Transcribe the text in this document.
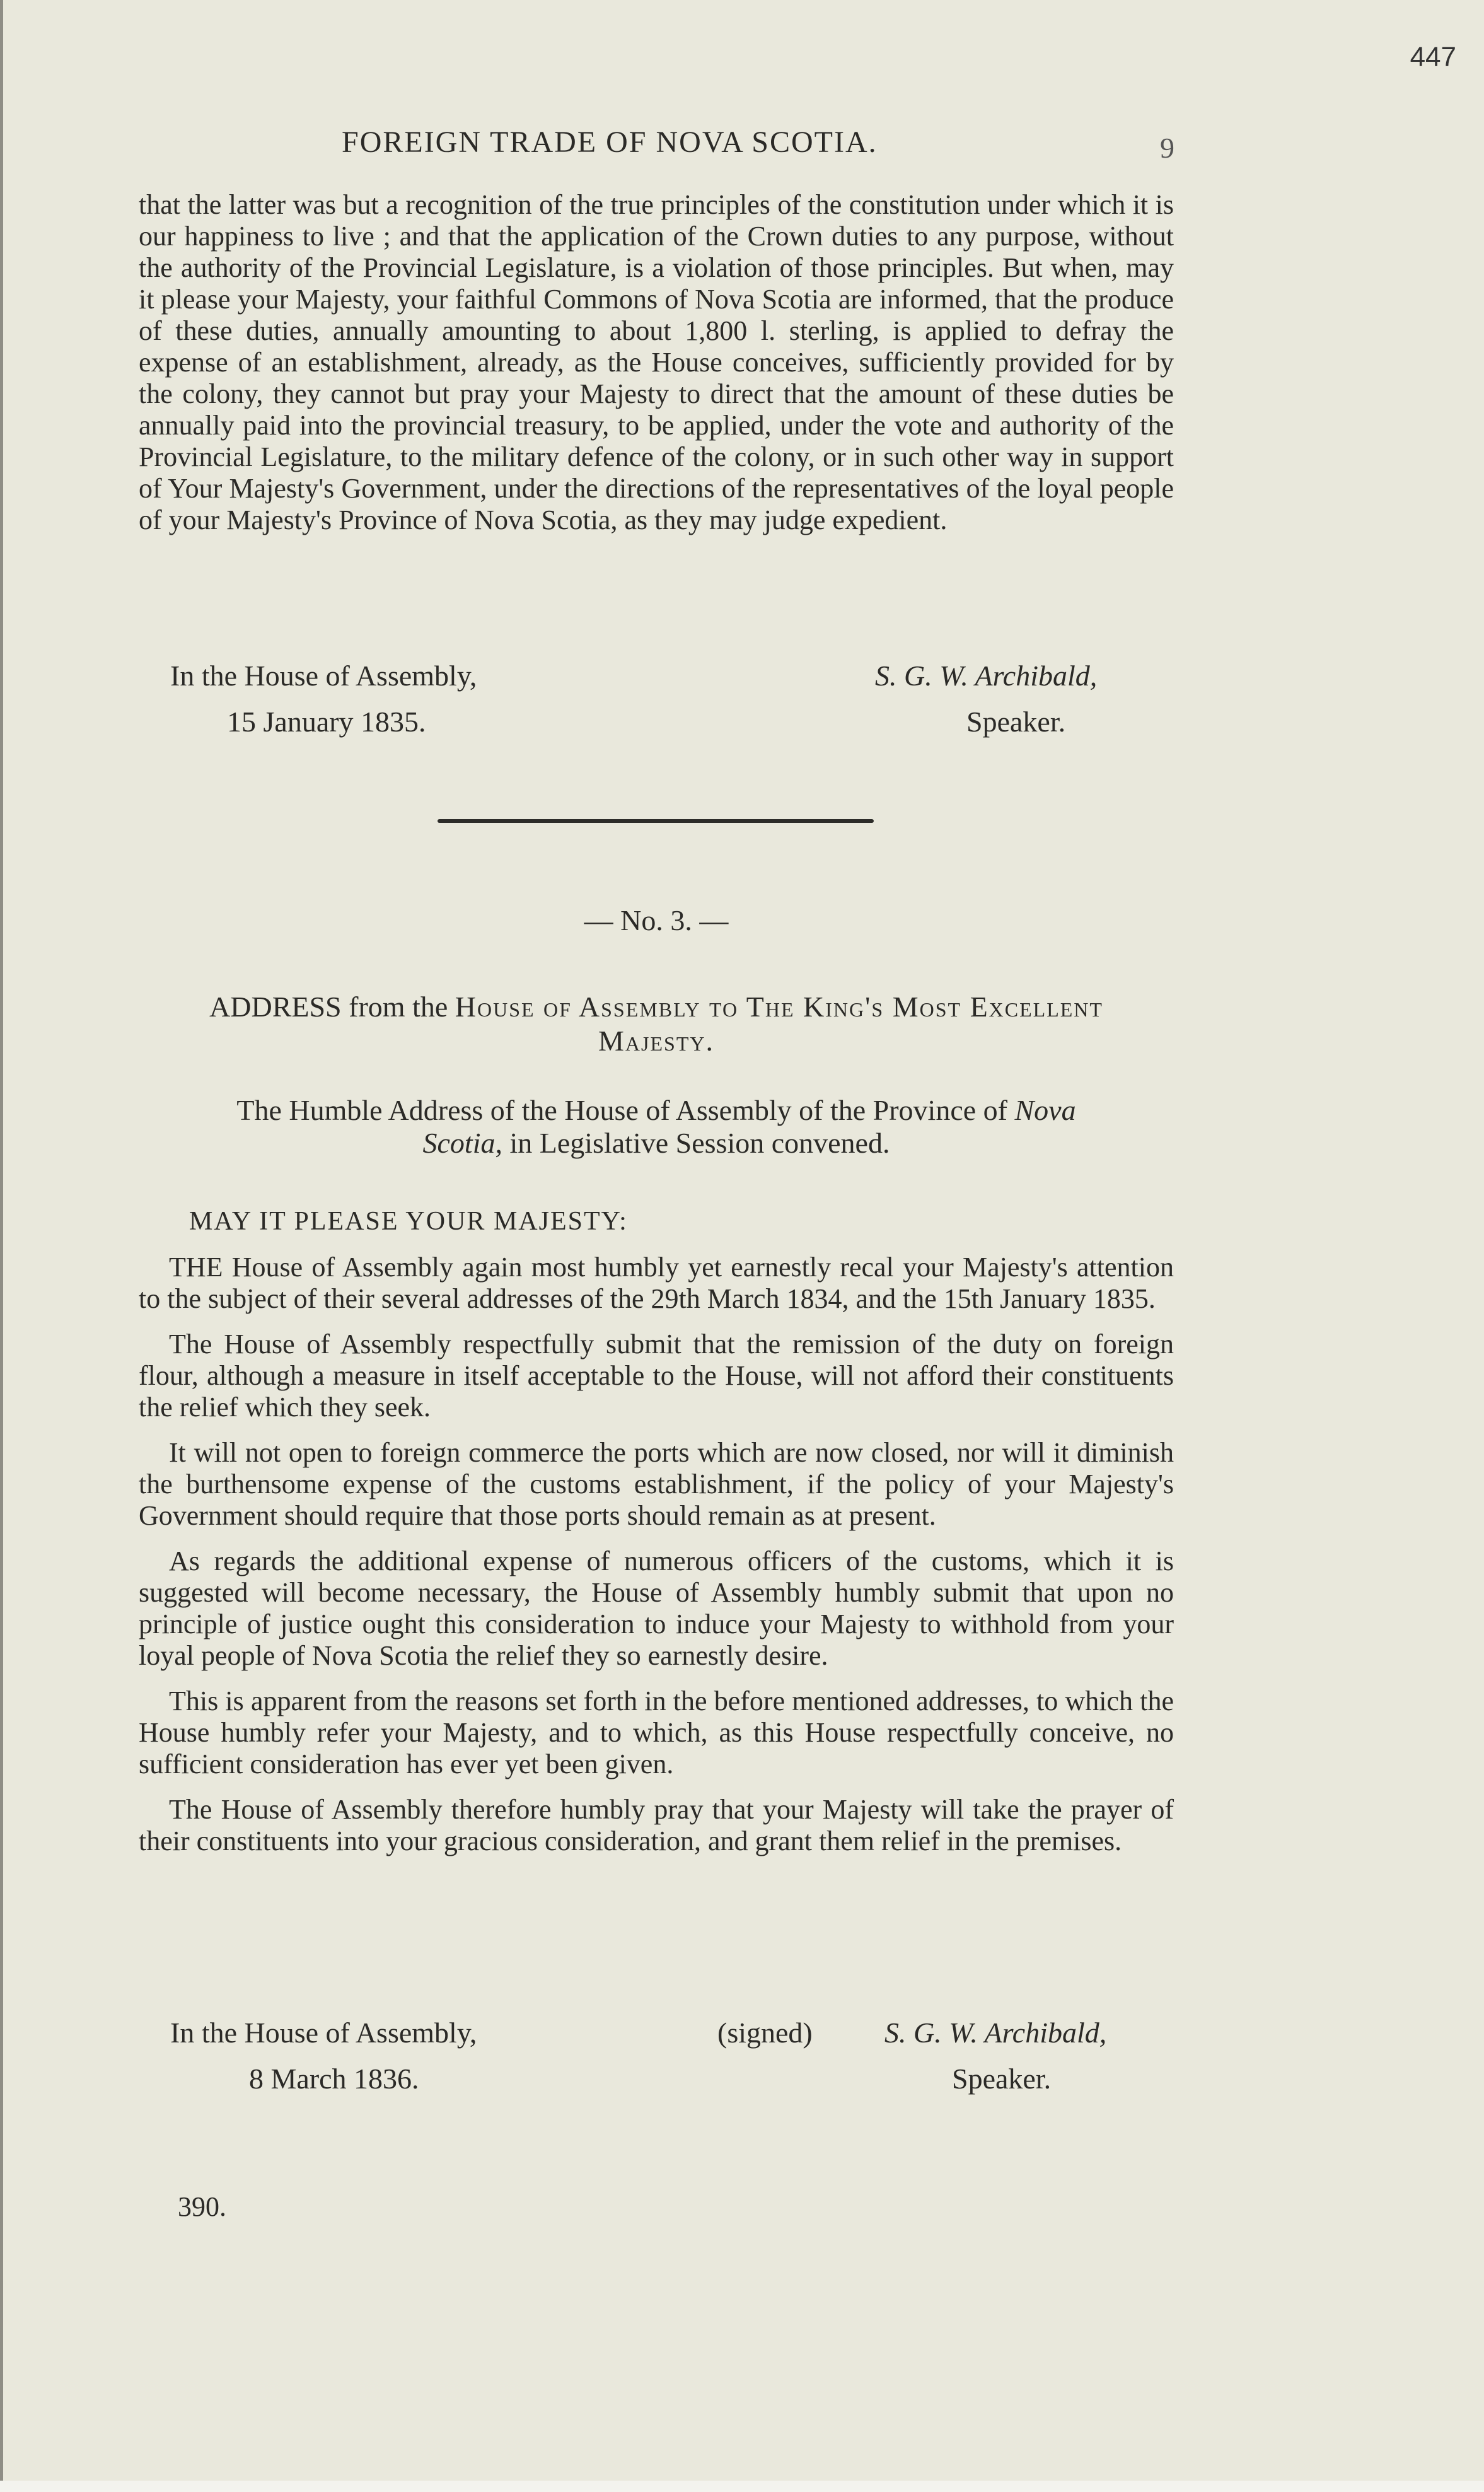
447
FOREIGN TRADE OF NOVA SCOTIA.	9

that the latter was but a recognition of the true principles of the constitution under which it is our happiness to live ; and that the application of the Crown duties to any purpose, without the authority of the Provincial Legislature, is a violation of those principles. But when, may it please your Majesty, your faithful Commons of Nova Scotia are informed, that the produce of these duties, annually amounting to about 1,800 l. sterling, is applied to defray the expense of an establishment, already, as the House conceives, sufficiently provided for by the colony, they cannot but pray your Majesty to direct that the amount of these duties be annually paid into the provincial treasury, to be applied, under the vote and authority of the Provincial Legislature, to the military defence of the colony, or in such other way in support of Your Majesty's Government, under the directions of the representatives of the loyal people of your Majesty's Province of Nova Scotia, as they may judge expedient.

In the House of Assembly,	S. G. W. Archibald,
15 January 1835.	Speaker.
— No. 3. —
ADDRESS from the House of Assembly to The King's Most Excellent
Majesty.
The Humble Address of the House of Assembly of the Province of Nova
Scotia, in Legislative Session convened.
MAY IT PLEASE YOUR MAJESTY:

THE House of Assembly again most humbly yet earnestly recal your Majesty's attention to the subject of their several addresses of the 29th March 1834, and the 15th January 1835.

The House of Assembly respectfully submit that the remission of the duty on foreign flour, although a measure in itself acceptable to the House, will not afford their constituents the relief which they seek.

It will not open to foreign commerce the ports which are now closed, nor will it diminish the burthensome expense of the customs establishment, if the policy of your Majesty's Government should require that those ports should remain as at present.

As regards the additional expense of numerous officers of the customs, which it is suggested will become necessary, the House of Assembly humbly submit that upon no principle of justice ought this consideration to induce your Majesty to withhold from your loyal people of Nova Scotia the relief they so earnestly desire.

This is apparent from the reasons set forth in the before mentioned addresses, to which the House humbly refer your Majesty, and to which, as this House respectfully conceive, no sufficient consideration has ever yet been given.

The House of Assembly therefore humbly pray that your Majesty will take the prayer of their constituents into your gracious consideration, and grant them relief in the premises.

In the House of Assembly,	(signed) S. G. W. Archibald,
8 March 1836.	Speaker.
390.
